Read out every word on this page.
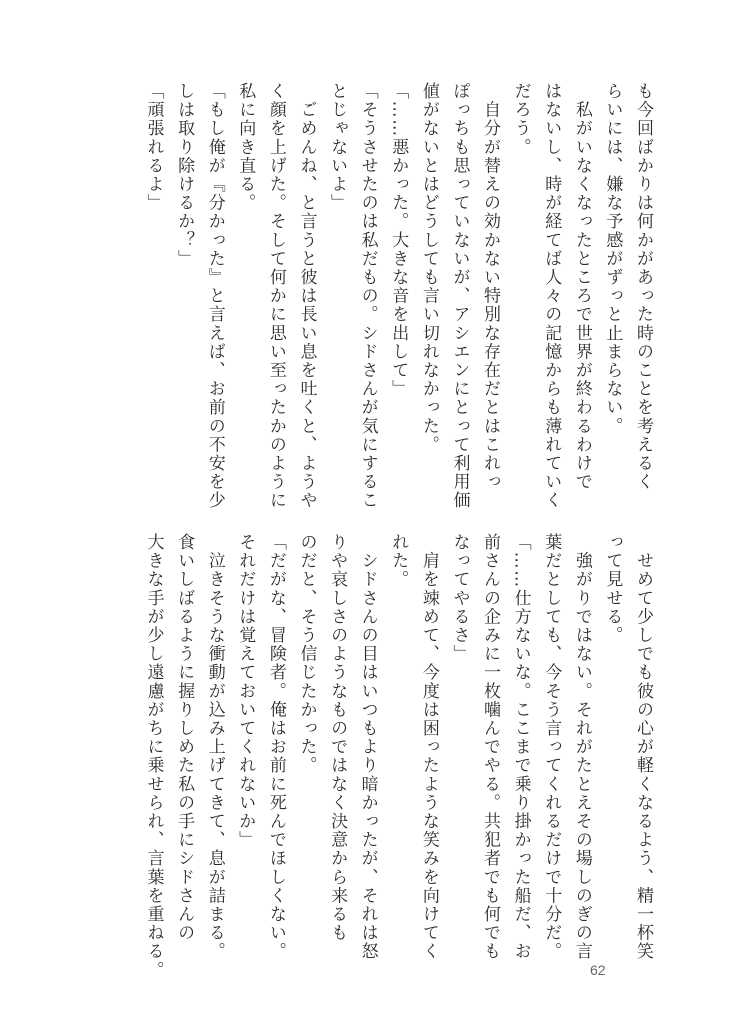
も今回ばかりは何かがあった時のことを考えるく

らいには、嫌な予感がずっと止まらない。

　私がいなくなったところで世界が終わるわけで

はないし、時が経てば人々の記憶からも薄れていく

だろう。

　自分が替えの効かない特別な存在だとはこれっ

ぽっちも思っていないが、アシエンにとって利用価

値がないとはどうしても言い切れなかった。

「……悪かった。大きな音を出して」

「そうさせたのは私だもの。シドさんが気にするこ

とじゃないよ」

　ごめんね、と言うと彼は長い息を吐くと、ようや

く顔を上げた。そして何かに思い至ったかのように

私に向き直る。

「もし俺が『分かった』と言えば、お前の不安を少

しは取り除けるか？」

「頑張れるよ」

　せめて少しでも彼の心が軽くなるよう、精一杯笑

って見せる。

　強がりではない。それがたとえその場しのぎの言

葉だとしても、今そう言ってくれるだけで十分だ。

「……仕方ないな。ここまで乗り掛かった船だ、お

前さんの企みに一枚噛んでやる。共犯者でも何でも

なってやるさ」

　肩を竦めて、今度は困ったような笑みを向けてく

れた。

　シドさんの目はいつもより暗かったが、それは怒

りや哀しさのようなものではなく決意から来るも

のだと、そう信じたかった。

「だがな、冒険者。俺はお前に死んでほしくない。

それだけは覚えておいてくれないか」

　泣きそうな衝動が込み上げてきて、息が詰まる。

食いしばるように握りしめた私の手にシドさんの

大きな手が少し遠慮がちに乗せられ、言葉を重ねる。	62
